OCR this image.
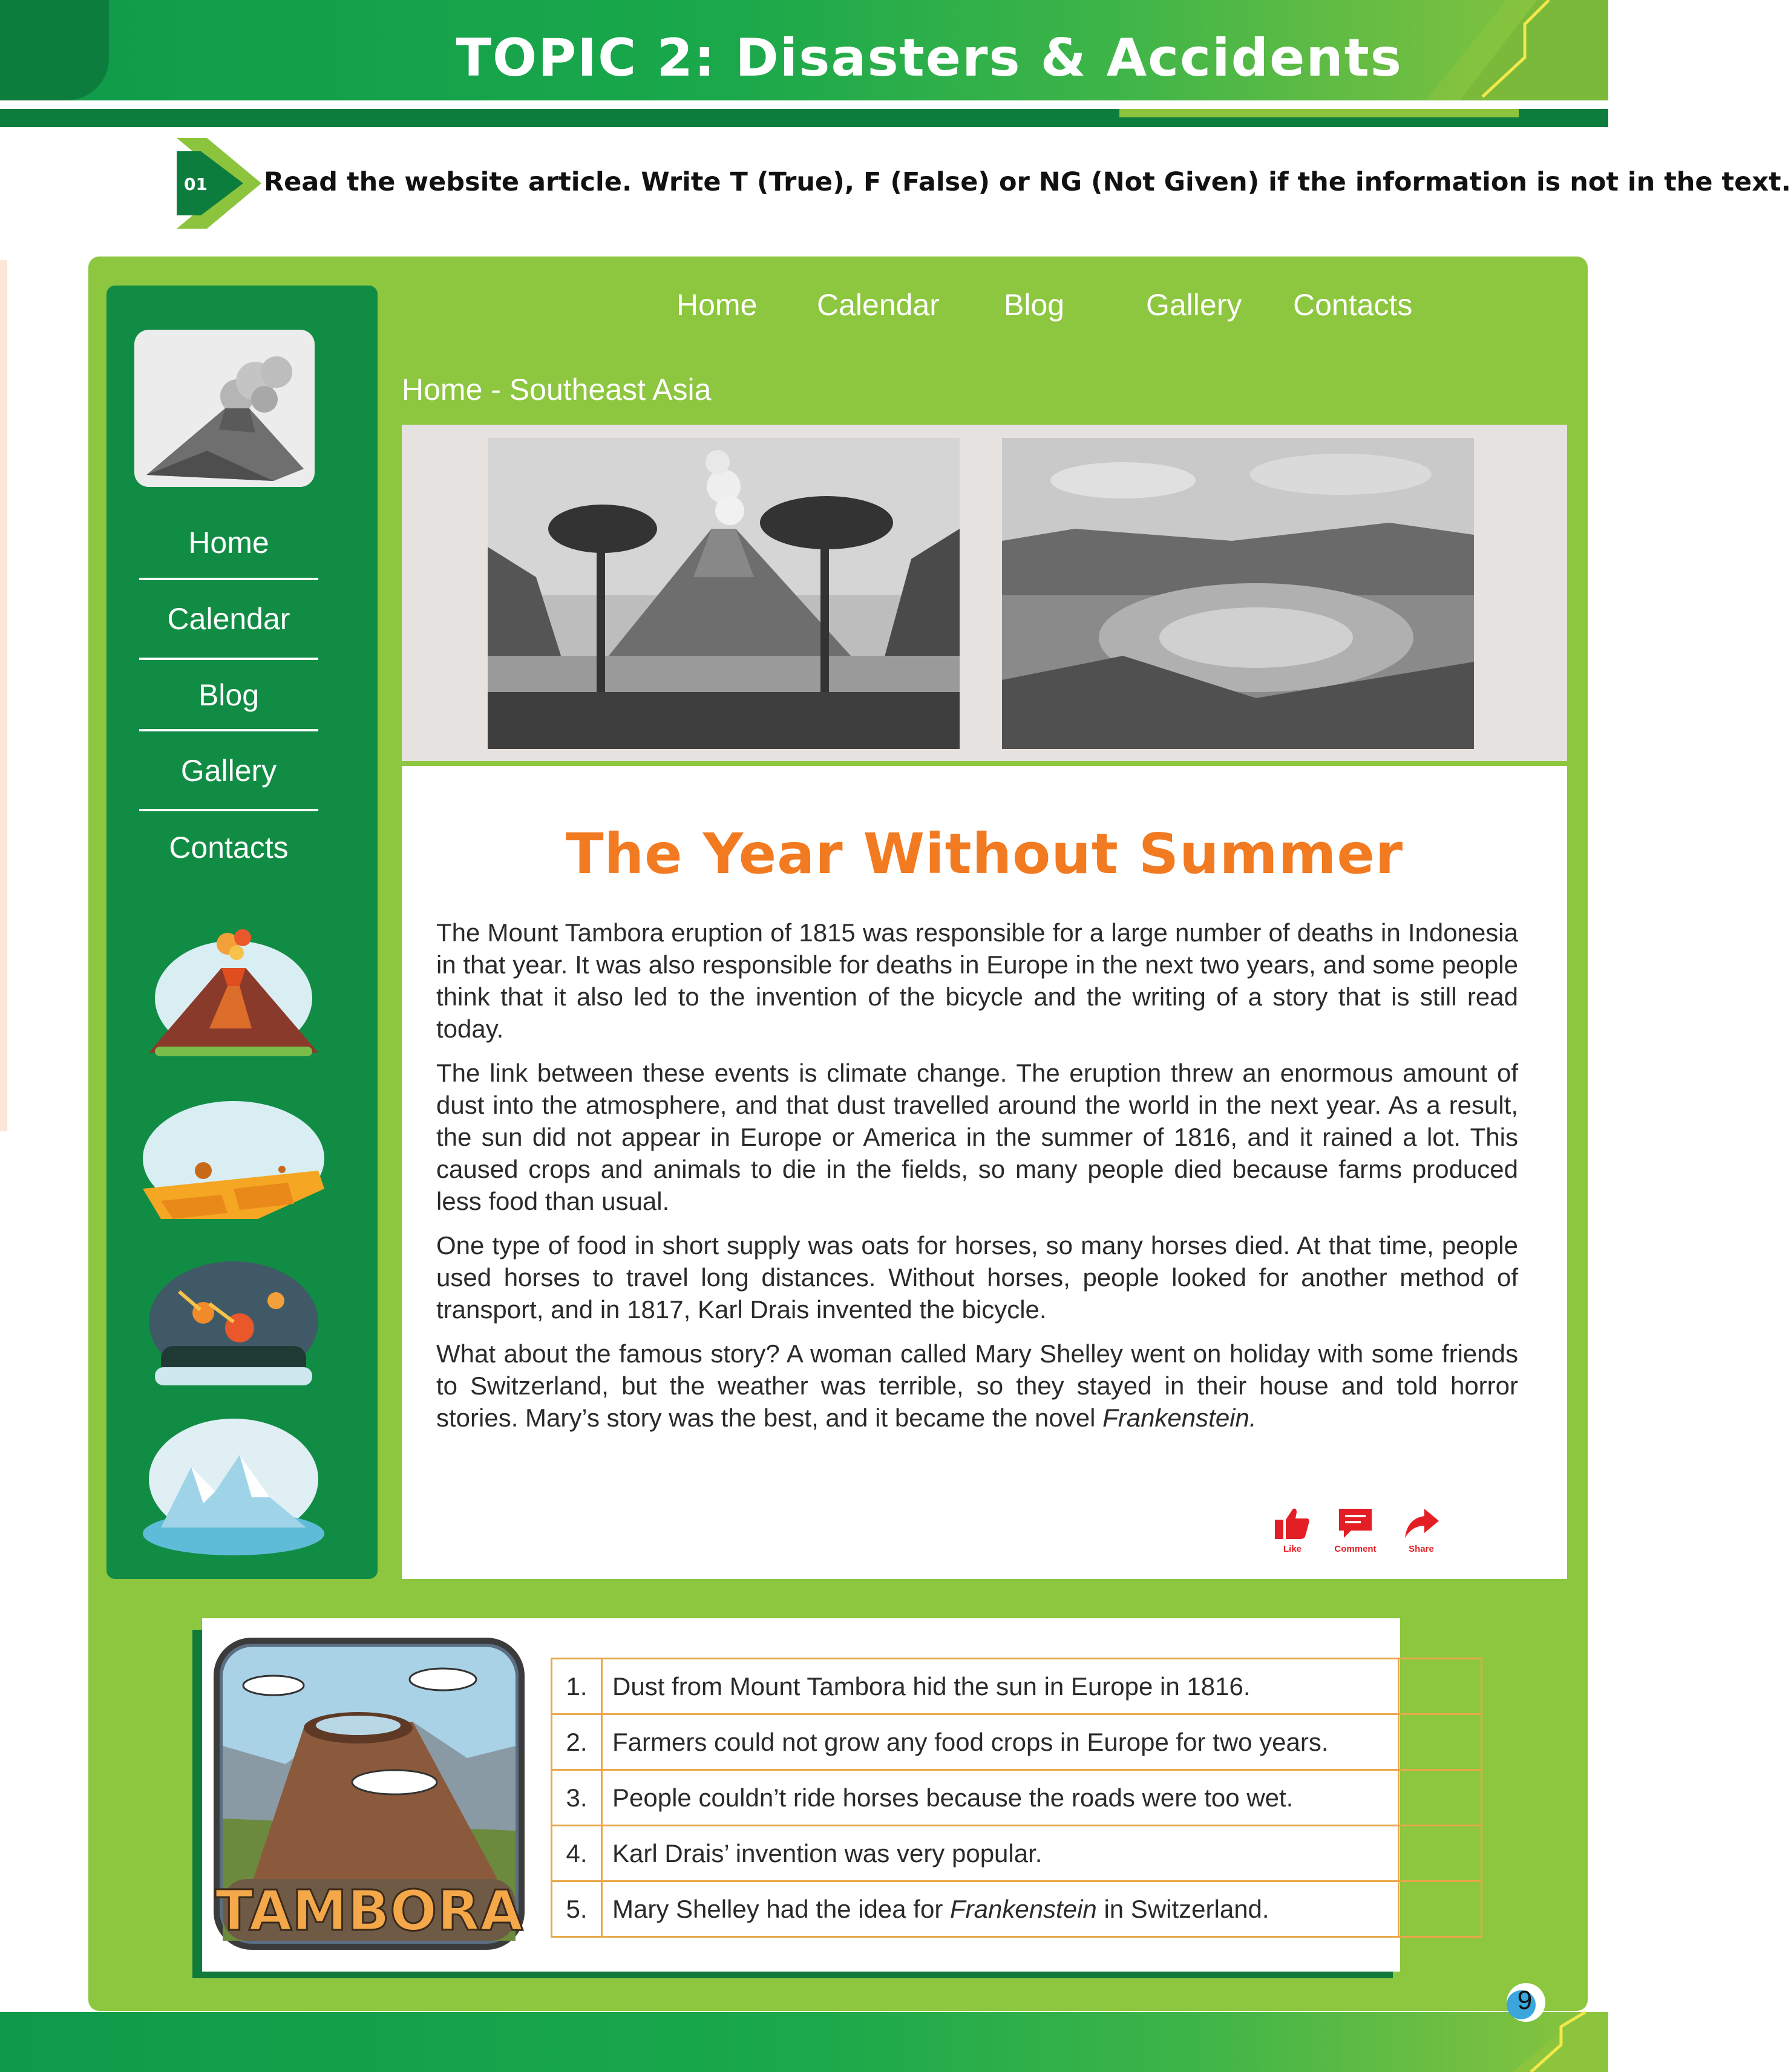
TOPIC 2: Disasters & Accidents
01 Read the website article. Write T (True), F (False) or NG (Not Given) if the information is not in the text.
Home
Calendar
Blog
Gallery
Contacts
Home Calendar Blog	Gallery Contacts
Home - Southeast Asia
The Year Without Summer

The Mount Tambora eruption of 1815 was responsible for a large number of deaths in Indonesia in that year. It was also responsible for deaths in Europe in the next two years, and some people think that it also led to the invention of the bicycle and the writing of a story that is still read today.

The link between these events is climate change. The eruption threw an enormous amount of dust into the atmosphere, and that dust travelled around the world in the next year. As a result, the sun did not appear in Europe or America in the summer of 1816, and it rained a lot. This caused crops and animals to die in the fields, so many people died because farms produced less food than usual.

One type of food in short supply was oats for horses, so many horses died. At that time, people used horses to travel long distances. Without horses, people looked for another method of transport, and in 1817, Karl Drais invented the bicycle.

What about the famous story? A woman called Mary Shelley went on holiday with some friends to Switzerland, but the weather was terrible, so they stayed in their house and told horror stories. Mary’s story was the best, and it became the novel Frankenstein.

Like	Comment	Share
TAMBORA
1.	Dust from Mount Tambora hid the sun in Europe in 1816.	
2.	Farmers could not grow any food crops in Europe for two years.	
3.	People couldn’t ride horses because the roads were too wet.	
4.	Karl Drais’ invention was very popular.	
5.	Mary Shelley had the idea for Frankenstein in Switzerland.	
9
